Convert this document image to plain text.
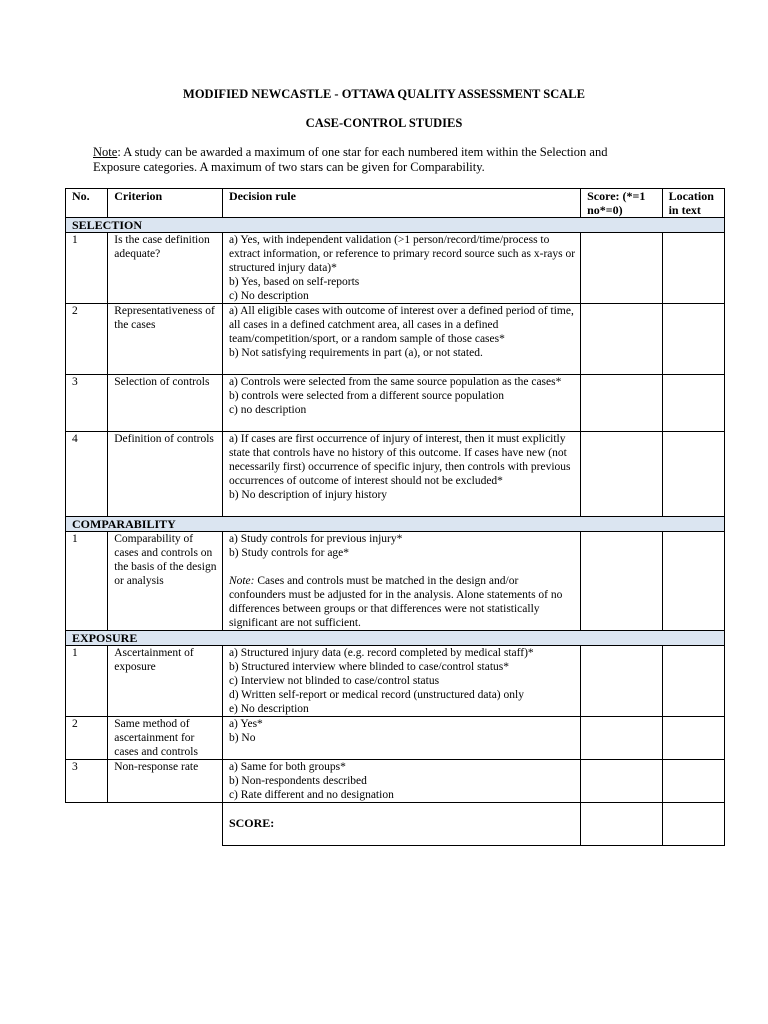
MODIFIED NEWCASTLE - OTTAWA QUALITY ASSESSMENT SCALE
CASE-CONTROL STUDIES
Note: A study can be awarded a maximum of one star for each numbered item within the Selection and Exposure categories. A maximum of two stars can be given for Comparability.
No.	Criterion	Decision rule	Score: (*=1 no*=0)	Location in text
SELECTION				
1	Is the case definition adequate?	a) Yes, with independent validation (>1 person/record/time/process to extract information, or reference to primary record source such as x-rays or structured injury data)*
b) Yes, based on self-reports
c) No description		

2	Representativeness of the cases	a) All eligible cases with outcome of interest over a defined period of time, all cases in a defined catchment area, all cases in a defined team/competition/sport, or a random sample of those cases*
b) Not satisfying requirements in part (a), or not stated.		

3	Selection of controls	a) Controls were selected from the same source population as the cases*
b) controls were selected from a different source population
c) no description		

4	Definition of controls	a) If cases are first occurrence of injury of interest, then it must explicitly state that controls have no history of this outcome. If cases have new (not necessarily first) occurrence of specific injury, then controls with previous occurrences of outcome of interest should not be excluded*
b) No description of injury history		

COMPARABILITY				
1	Comparability of cases and controls on the basis of the design or analysis	a) Study controls for previous injury*
b) Study controls for age*
Note: Cases and controls must be matched in the design and/or confounders must be adjusted for in the analysis. Alone statements of no differences between groups or that differences were not statistically significant are not sufficient.		

EXPOSURE				
1	Ascertainment of exposure	a) Structured injury data (e.g. record completed by medical staff)*
b) Structured interview where blinded to case/control status*
c) Interview not blinded to case/control status
d) Written self-report or medical record (unstructured data) only
e) No description		

2	Same method of ascertainment for cases and controls	a) Yes*
b) No		

3	Non-response rate	a) Same for both groups*
b) Non-respondents described
c) Rate different and no designation		

		SCORE:		
